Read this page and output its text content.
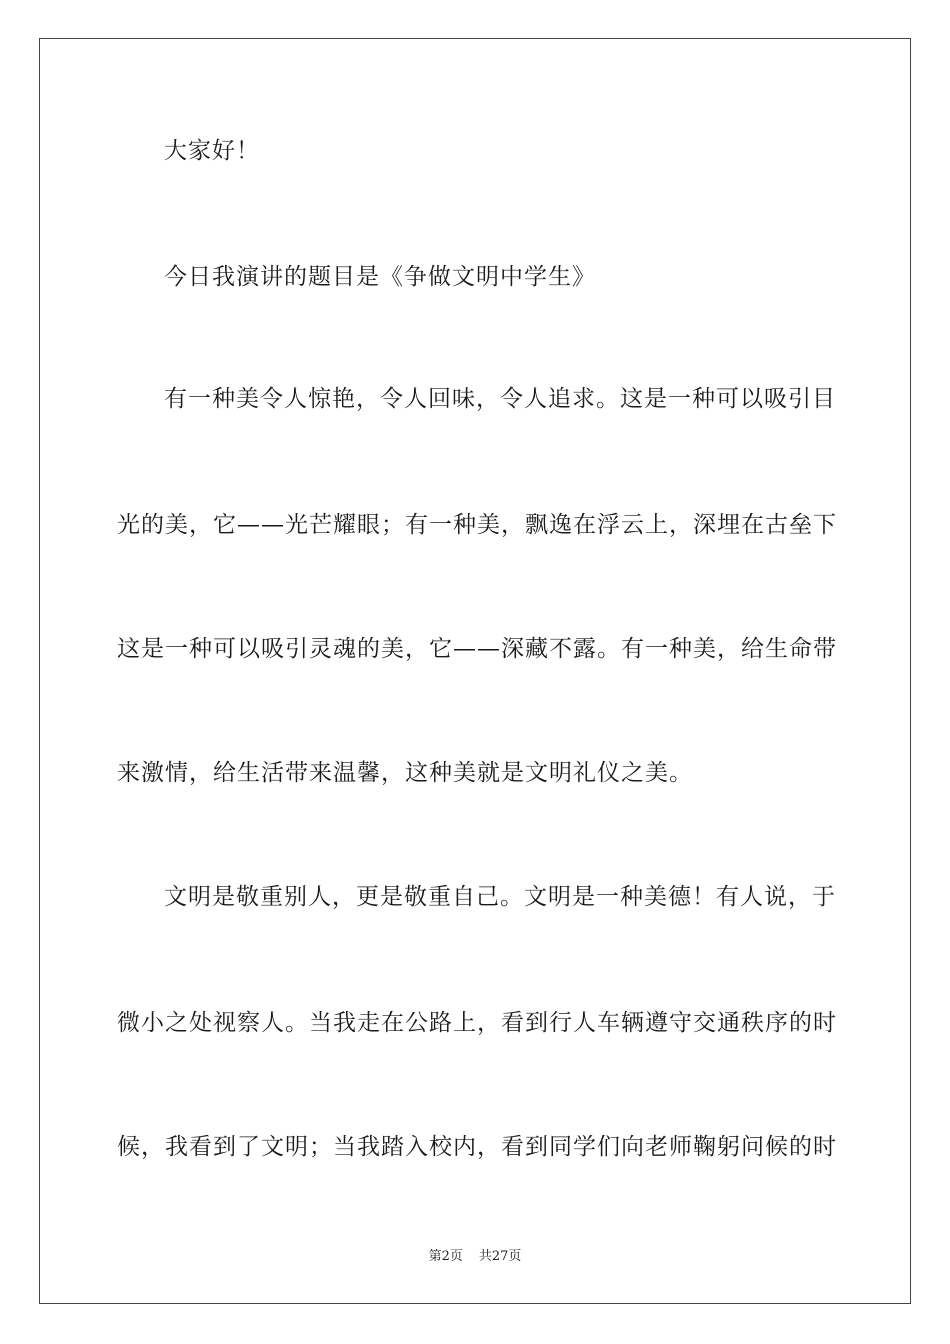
大家好！
今日我演讲的题目是《争做文明中学生》
有一种美令人惊艳，令人回味，令人追求。这是一种可以吸引目
光的美，它——光芒耀眼；有一种美，飘逸在浮云上，深埋在古垒下
这是一种可以吸引灵魂的美，它——深藏不露。有一种美，给生命带
来激情，给生活带来温馨，这种美就是文明礼仪之美。
文明是敬重别人，更是敬重自己。文明是一种美德！有人说，于
微小之处视察人。当我走在公路上，看到行人车辆遵守交通秩序的时
候，我看到了文明；当我踏入校内，看到同学们向老师鞠躬问候的时
第2页 共27页
